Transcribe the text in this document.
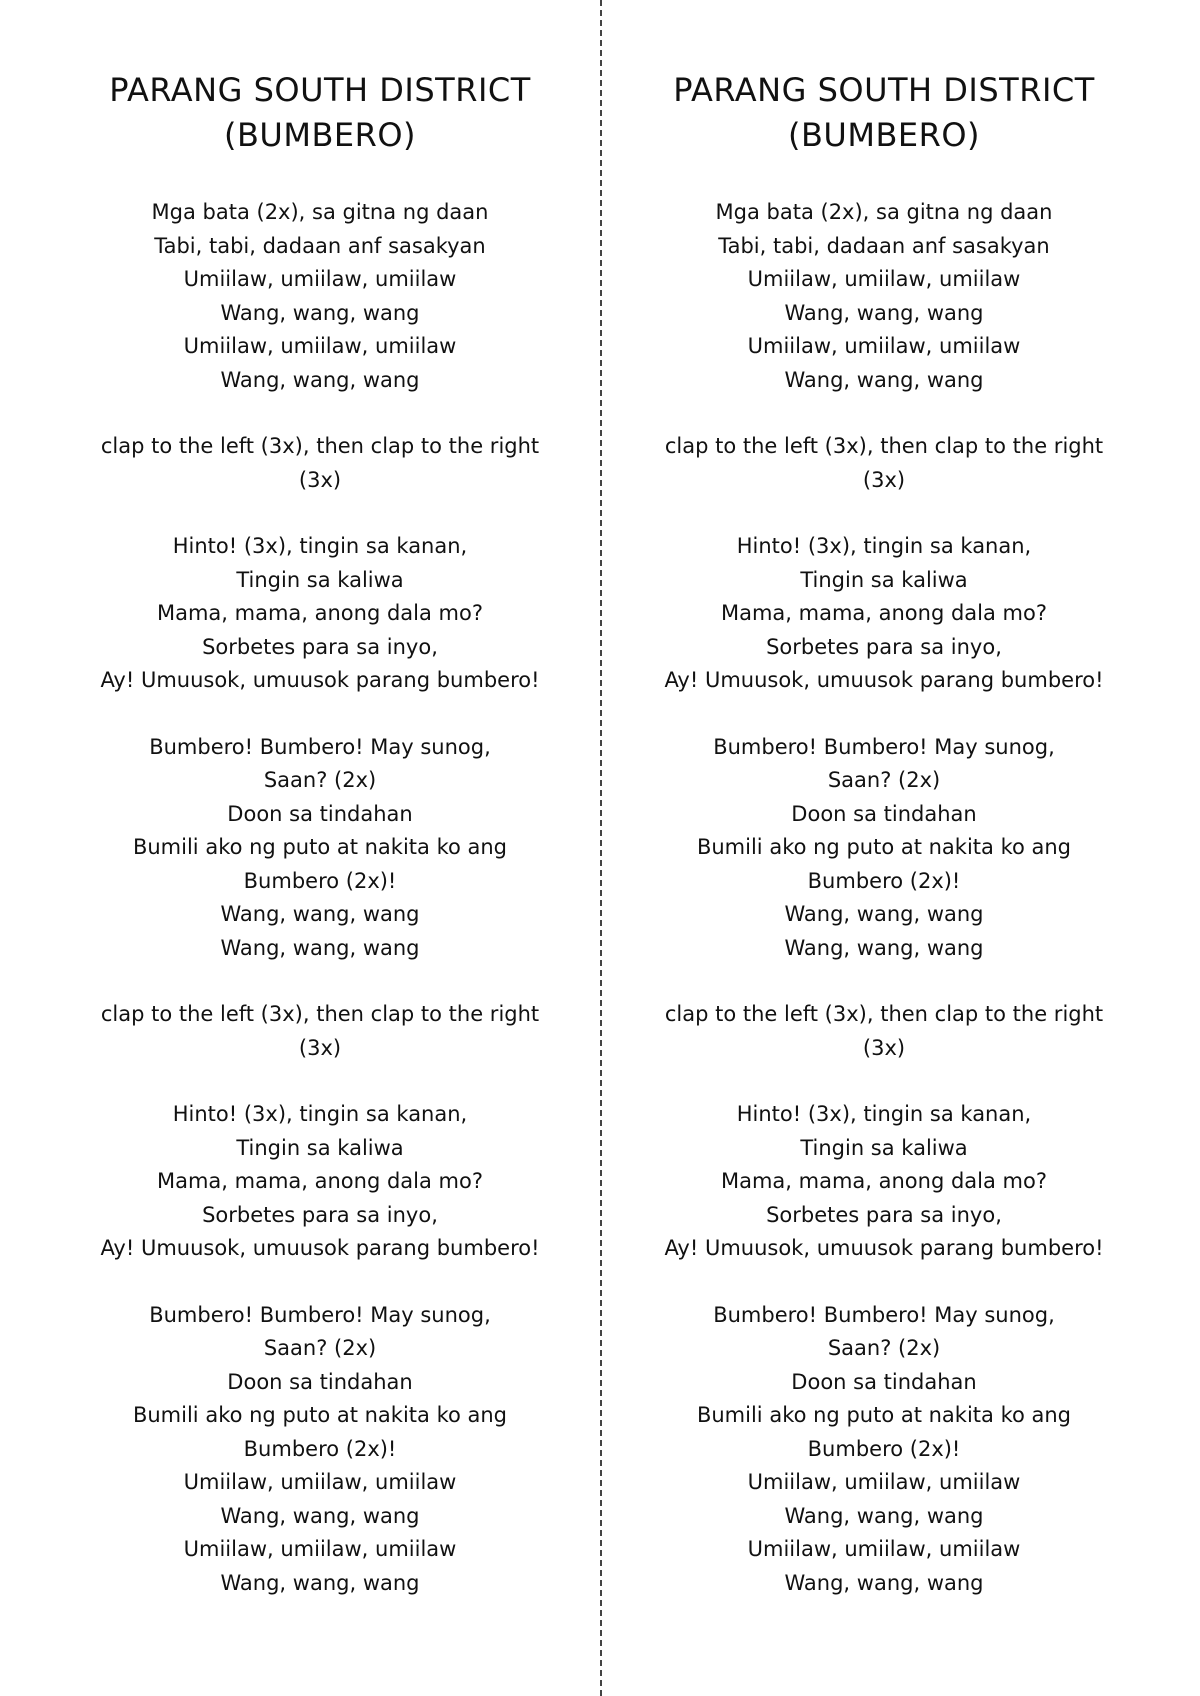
PARANG SOUTH DISTRICT
(BUMBERO)
Mga bata (2x), sa gitna ng daan
Tabi, tabi, dadaan anf sasakyan
Umiilaw, umiilaw, umiilaw
Wang, wang, wang
Umiilaw, umiilaw, umiilaw
Wang, wang, wang
clap to the left (3x), then clap to the right
(3x)
Hinto! (3x), tingin sa kanan,
Tingin sa kaliwa
Mama, mama, anong dala mo?
Sorbetes para sa inyo,
Ay! Umuusok, umuusok parang bumbero!
Bumbero! Bumbero! May sunog,
Saan? (2x)
Doon sa tindahan
Bumili ako ng puto at nakita ko ang
Bumbero (2x)!
Wang, wang, wang
Wang, wang, wang
clap to the left (3x), then clap to the right
(3x)
Hinto! (3x), tingin sa kanan,
Tingin sa kaliwa
Mama, mama, anong dala mo?
Sorbetes para sa inyo,
Ay! Umuusok, umuusok parang bumbero!
Bumbero! Bumbero! May sunog,
Saan? (2x)
Doon sa tindahan
Bumili ako ng puto at nakita ko ang
Bumbero (2x)!
Umiilaw, umiilaw, umiilaw
Wang, wang, wang
Umiilaw, umiilaw, umiilaw
Wang, wang, wang
PARANG SOUTH DISTRICT
(BUMBERO)
Mga bata (2x), sa gitna ng daan
Tabi, tabi, dadaan anf sasakyan
Umiilaw, umiilaw, umiilaw
Wang, wang, wang
Umiilaw, umiilaw, umiilaw
Wang, wang, wang
clap to the left (3x), then clap to the right
(3x)
Hinto! (3x), tingin sa kanan,
Tingin sa kaliwa
Mama, mama, anong dala mo?
Sorbetes para sa inyo,
Ay! Umuusok, umuusok parang bumbero!
Bumbero! Bumbero! May sunog,
Saan? (2x)
Doon sa tindahan
Bumili ako ng puto at nakita ko ang
Bumbero (2x)!
Wang, wang, wang
Wang, wang, wang
clap to the left (3x), then clap to the right
(3x)
Hinto! (3x), tingin sa kanan,
Tingin sa kaliwa
Mama, mama, anong dala mo?
Sorbetes para sa inyo,
Ay! Umuusok, umuusok parang bumbero!
Bumbero! Bumbero! May sunog,
Saan? (2x)
Doon sa tindahan
Bumili ako ng puto at nakita ko ang
Bumbero (2x)!
Umiilaw, umiilaw, umiilaw
Wang, wang, wang
Umiilaw, umiilaw, umiilaw
Wang, wang, wang
